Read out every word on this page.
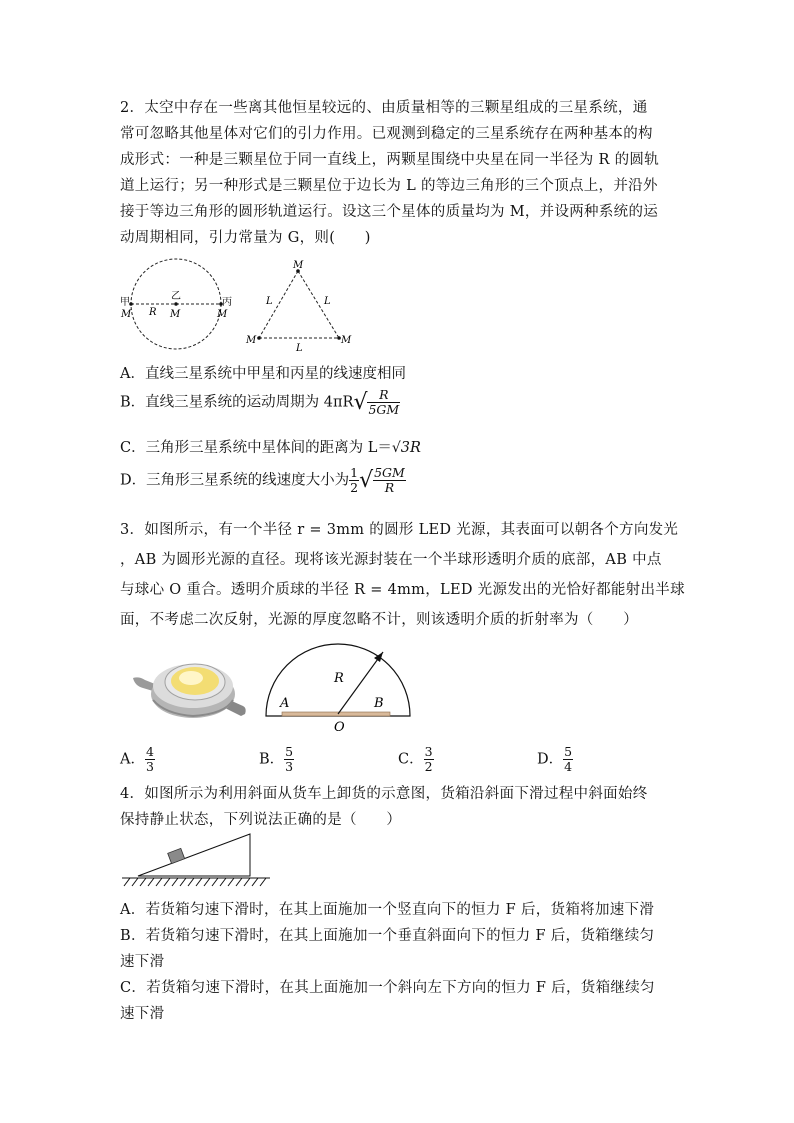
2．太空中存在一些离其他恒星较远的、由质量相等的三颗星组成的三星系统，通
常可忽略其他星体对它们的引力作用。已观测到稳定的三星系统存在两种基本的构
成形式：一种是三颗星位于同一直线上，两颗星围绕中央星在同一半径为 R 的圆轨
道上运行；另一种形式是三颗星位于边长为 L 的等边三角形的三个顶点上，并沿外
接于等边三角形的圆形轨道运行。设这三个星体的质量均为 M，并设两种系统的运
动周期相同，引力常量为 G，则(　　)
甲
乙
丙
M	M	M
R
M
M	M
L	L
L
A．直线三星系统中甲星和丙星的线速度相同
B．直线三星系统的运动周期为 $4\pi R√ \frac{R}{5GM}$
C．三角形三星系统中星体间的距离为 L＝√3R
D．三角形三星系统的线速度大小为 $\frac{1}{2}$ √ $\frac{5GM}{R}$
3．如图所示，有一个半径 r = 3mm 的圆形 LED 光源，其表面可以朝各个方向发光
，AB 为圆形光源的直径。现将该光源封装在一个半球形透明介质的底部，AB 中点
与球心 O 重合。透明介质球的半径 R = 4mm，LED 光源发出的光恰好都能射出半球
面，不考虑二次反射，光源的厚度忽略不计，则该透明介质的折射率为（　　）
A	B
O
R
A． $\frac{4}{3}$	B． $\frac{5}{3}$	C． $\frac{3}{2}$	D． $\frac{5}{4}$
4．如图所示为利用斜面从货车上卸货的示意图，货箱沿斜面下滑过程中斜面始终
保持静止状态，下列说法正确的是（　　）
A．若货箱匀速下滑时，在其上面施加一个竖直向下的恒力 F 后，货箱将加速下滑
B．若货箱匀速下滑时，在其上面施加一个垂直斜面向下的恒力 F 后，货箱继续匀
速下滑
C．若货箱匀速下滑时，在其上面施加一个斜向左下方向的恒力 F 后，货箱继续匀
速下滑
